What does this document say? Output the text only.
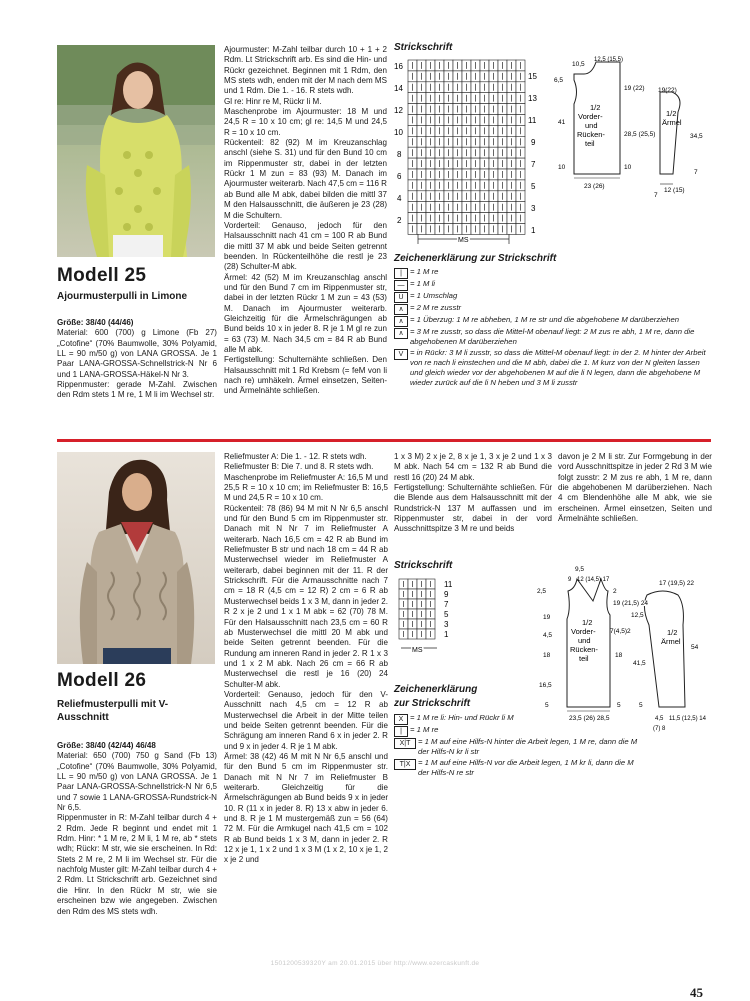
Modell 25
Ajourmusterpulli in Limone

Größe: 38/40 (44/46)

Material: 600 (700) g Limone (Fb 27) „Cotofine“ (70% Baumwolle, 30% Polyamid, LL = 90 m/50 g) von LANA GROSSA. Je 1 Paar LANA-GROSSA-Schnellstrick-N Nr 6 und 1 LANA-GROSSA-Häkel-N Nr 3.

Rippenmuster: gerade M-Zahl. Zwischen den Rdm stets 1 M re, 1 M li im Wechsel str.

Ajourmuster: M-Zahl teilbar durch 10 + 1 + 2 Rdm. Lt Strickschrift arb. Es sind die Hin- und Rückr gezeichnet. Beginnen mit 1 Rdm, den MS stets wdh, enden mit der M nach dem MS und 1 Rdm. Die 1. - 16. R stets wdh.

Gl re: Hinr re M, Rückr li M.

Maschenprobe im Ajourmuster: 18 M und 24,5 R = 10 x 10 cm; gl re: 14,5 M und 24,5 R = 10 x 10 cm.

Rückenteil: 82 (92) M im Kreuzanschlag anschl (siehe S. 31) und für den Bund 10 cm im Rippenmuster str, dabei in der letzten Rückr 1 M zun = 83 (93) M. Danach im Ajourmuster weiterarb. Nach 47,5 cm = 116 R ab Bund alle M abk, dabei bilden die mittl 37 M den Halsausschnitt, die äußeren je 23 (28) M die Schultern.

Vorderteil: Genauso, jedoch für den Halsausschnitt nach 41 cm = 100 R ab Bund die mittl 37 M abk und beide Seiten getrennt beenden. In Rückenteilhöhe die restl je 23 (28) Schulter-M abk.

Ärmel: 42 (52) M im Kreuzanschlag anschl und für den Bund 7 cm im Rippenmuster str, dabei in der letzten Rückr 1 M zun = 43 (53) M. Danach im Ajourmuster weiterarb. Gleichzeitig für die Ärmelschrägungen ab Bund beids 10 x in jeder 8. R je 1 M gl re zun = 63 (73) M. Nach 34,5 cm = 84 R ab Bund alle M abk.

Fertigstellung: Schulternähte schließen. Den Halsausschnitt mit 1 Rd Krebsm (= feM von li nach re) umhäkeln. Ärmel einsetzen, Seiten- und Ärmelnähte schließen.

Strickschrift
16
14
12
10
8
6
4
2
15
13
11
9
7
5
3
1
MS
1/2 Vorder-und Rücken-teil
1/2 Ärmel
10,5
12,5 (15,5)
6,5
41
19 (22)
28,5 (25,5)
10	10
23 (26)
19(22)
34,5
7
7
12 (15)
Zeichenerklärung zur Strickschrift
|	= 1 M re
— = 1 M li
U = 1 Umschlag
∧ = 2 M re zusstr
∧ = 1 Überzug: 1 M re abheben, 1 M re str und die abgehobene M darüberziehen
∧ = 3 M re zusstr, so dass die Mittel-M obenauf liegt: 2 M zus re abh, 1 M re, dann die abgehobenen M darüberziehen
V = in Rückr: 3 M li zusstr, so dass die Mittel-M obenauf liegt: in der 2. M hinter der Arbeit von re nach li einstechen und die M abh, dabei die 1. M kurz von der N gleiten lassen und gleich wieder vor der abgehobenen M auf die li N legen, dann die abgehobene M wieder zurück auf die li N heben und 3 M li zusstr
Modell 26
Reliefmusterpulli mit V-Ausschnitt

Größe: 38/40 (42/44) 46/48

Material: 650 (700) 750 g Sand (Fb 13) „Cotofine“ (70% Baumwolle, 30% Polyamid, LL = 90 m/50 g) von LANA GROSSA. Je 1 Paar LANA-GROSSA-Schnellstrick-N Nr 6,5 und 7 sowie 1 LANA-GROSSA-Rundstrick-N Nr 6,5.

Rippenmuster in R: M-Zahl teilbar durch 4 + 2 Rdm. Jede R beginnt und endet mit 1 Rdm. Hinr: * 1 M re, 2 M li, 1 M re, ab * stets wdh; Rückr: M str, wie sie erscheinen. In Rd: Stets 2 M re, 2 M li im Wechsel str. Für die nachfolg Muster gilt: M-Zahl teilbar durch 4 + 2 Rdm. Lt Strickschrift arb. Gezeichnet sind die Hinr. In den Rückr M str, wie sie erscheinen bzw wie angegeben. Zwischen den Rdm des MS stets wdh.

Reliefmuster A: Die 1. - 12. R stets wdh.

Reliefmuster B: Die 7. und 8. R stets wdh.

Maschenprobe im Reliefmuster A: 16,5 M und 25,5 R = 10 x 10 cm; im Reliefmuster B: 16,5 M und 24,5 R = 10 x 10 cm.

Rückenteil: 78 (86) 94 M mit N Nr 6,5 anschl und für den Bund 5 cm im Rippenmuster str. Danach mit N Nr 7 im Reliefmuster A weiterarb. Nach 16,5 cm = 42 R ab Bund im Reliefmuster B str und nach 18 cm = 44 R ab Musterwechsel wieder im Reliefmuster A weiterarb, dabei beginnen mit der 11. R der Strickschrift. Für die Armausschnitte nach 7 cm = 18 R (4,5 cm = 12 R) 2 cm = 6 R ab Musterwechsel beids 1 x 3 M, dann in jeder 2. R 2 x je 2 und 1 x 1 M abk = 62 (70) 78 M. Für den Halsausschnitt nach 23,5 cm = 60 R ab Musterwechsel die mittl 20 M abk und beide Seiten getrennt beenden. Für die Rundung am inneren Rand in jeder 2. R 1 x 3 und 1 x 2 M abk. Nach 26 cm = 66 R ab Musterwechsel die restl je 16 (20) 24 Schulter-M abk.

Vorderteil: Genauso, jedoch für den V-Ausschnitt nach 4,5 cm = 12 R ab Musterwechsel die Arbeit in der Mitte teilen und beide Seiten getrennt beenden. Für die Schrägung am inneren Rand 6 x in jeder 2. R und 9 x in jeder 4. R je 1 M abk.

Ärmel: 38 (42) 46 M mit N Nr 6,5 anschl und für den Bund 5 cm im Rippenmuster str. Danach mit N Nr 7 im Reliefmuster B weiterarb. Gleichzeitig für die Ärmelschrägungen ab Bund beids 9 x in jeder 10. R (11 x in jeder 8. R) 13 x abw in jeder 6. und 8. R je 1 M mustergemäß zun = 56 (64) 72 M. Für die Armkugel nach 41,5 cm = 102 R ab Bund beids 1 x 3 M, dann in jeder 2. R 12 x je 1, 1 x 2 und 1 x 3 M (1 x 2, 10 x je 1, 2 x je 2 und

1 x 3 M) 2 x je 2, 8 x je 1, 3 x je 2 und 1 x 3 M abk. Nach 54 cm = 132 R ab Bund die restl 16 (20) 24 M abk.

Fertigstellung: Schulternähte schließen. Für die Blende aus dem Halsausschnitt mit der Rundstrick-N 137 M auffassen und im Rippenmuster str, dabei in der vord Ausschnittspitze 3 M re und beids

davon je 2 M li str. Zur Formgebung in der vord Ausschnittspitze in jeder 2 Rd 3 M wie folgt zusstr: 2 M zus re abh, 1 M re, dann die abgehobenen M darüberziehen. Nach 4 cm Blendenhöhe alle M abk, wie sie erscheinen. Ärmel einsetzen, Seiten und Ärmelnähte schließen.

Strickschrift
11
9
7
5
3
1
MS
1/2 Vorder-und Rücken-teil
1/2 Ärmel
9,5
9 12 (14,5) 17
2,5
19
4,5
18
16,5
5
2
19 (21,5) 24
7(4,5)2
18
5
23,5 (26) 28,5
17 (19,5) 22
12,5
54
41,5
5
4,5
(7) 8
11,5 (12,5) 14
Zeichenerklärung
zur Strickschrift
X = 1 M re li: Hin- und Rückr li M
|	= 1 M re
X|T = 1 M auf eine Hilfs-N hinter die Arbeit legen, 1 M re, dann die M der Hilfs-N kr li str
T|X = 1 M auf eine Hilfs-N vor die Arbeit legen, 1 M kr li, dann die M der Hilfs-N re str
1501200539320Y am 20.01.2015 über http://www.ezercaskunft.de
45
